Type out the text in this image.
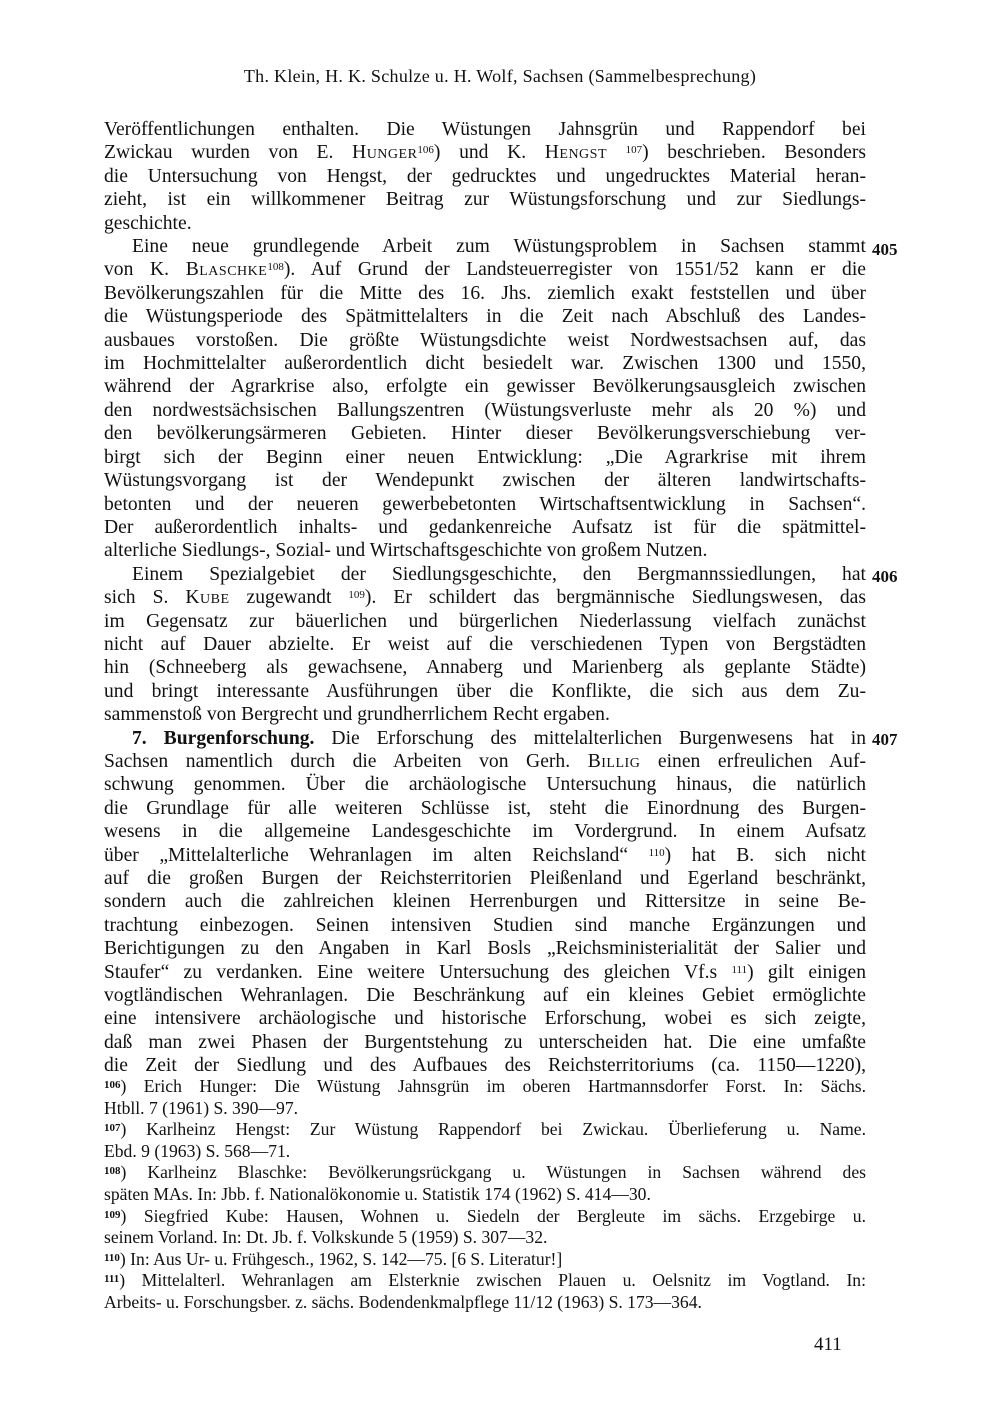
Th. Klein, H. K. Schulze u. H. Wolf, Sachsen (Sammelbesprechung)
Veröffentlichungen enthalten. Die Wüstungen Jahnsgrün und Rappendorf bei
Zwickau wurden von E. Hunger$^{106}$) und K. Hengst $^{107}$) beschrieben. Besonders
die Untersuchung von Hengst, der gedrucktes und ungedrucktes Material heran-
zieht, ist ein willkommener Beitrag zur Wüstungsforschung und zur Siedlungs-
geschichte.
Eine neue grundlegende Arbeit zum Wüstungsproblem in Sachsen stammt
von K. Blaschke$^{108}$). Auf Grund der Landsteuerregister von 1551/52 kann er die
Bevölkerungszahlen für die Mitte des 16. Jhs. ziemlich exakt feststellen und über
die Wüstungsperiode des Spätmittelalters in die Zeit nach Abschluß des Landes-
ausbaues vorstoßen. Die größte Wüstungsdichte weist Nordwestsachsen auf, das
im Hochmittelalter außerordentlich dicht besiedelt war. Zwischen 1300 und 1550,
während der Agrarkrise also, erfolgte ein gewisser Bevölkerungsausgleich zwischen
den nordwestsächsischen Ballungszentren (Wüstungsverluste mehr als 20 %) und
den bevölkerungsärmeren Gebieten. Hinter dieser Bevölkerungsverschiebung ver-
birgt sich der Beginn einer neuen Entwicklung: „Die Agrarkrise mit ihrem
Wüstungsvorgang ist der Wendepunkt zwischen der älteren landwirtschafts-
betonten und der neueren gewerbebetonten Wirtschaftsentwicklung in Sachsen“.
Der außerordentlich inhalts- und gedankenreiche Aufsatz ist für die spätmittel-
alterliche Siedlungs-, Sozial- und Wirtschaftsgeschichte von großem Nutzen.
Einem Spezialgebiet der Siedlungsgeschichte, den Bergmannssiedlungen, hat
sich S. Kube zugewandt $^{109}$). Er schildert das bergmännische Siedlungswesen, das
im Gegensatz zur bäuerlichen und bürgerlichen Niederlassung vielfach zunächst
nicht auf Dauer abzielte. Er weist auf die verschiedenen Typen von Bergstädten
hin (Schneeberg als gewachsene, Annaberg und Marienberg als geplante Städte)
und bringt interessante Ausführungen über die Konflikte, die sich aus dem Zu-
sammenstoß von Bergrecht und grundherrlichem Recht ergaben.
7. Burgenforschung. Die Erforschung des mittelalterlichen Burgenwesens hat in
Sachsen namentlich durch die Arbeiten von Gerh. Billig einen erfreulichen Auf-
schwung genommen. Über die archäologische Untersuchung hinaus, die natürlich
die Grundlage für alle weiteren Schlüsse ist, steht die Einordnung des Burgen-
wesens in die allgemeine Landesgeschichte im Vordergrund. In einem Aufsatz
über „Mittelalterliche Wehranlagen im alten Reichsland“ $^{110}$) hat B. sich nicht
auf die großen Burgen der Reichsterritorien Pleißenland und Egerland beschränkt,
sondern auch die zahlreichen kleinen Herrenburgen und Rittersitze in seine Be-
trachtung einbezogen. Seinen intensiven Studien sind manche Ergänzungen und
Berichtigungen zu den Angaben in Karl Bosls „Reichsministerialität der Salier und
Staufer“ zu verdanken. Eine weitere Untersuchung des gleichen Vf.s $^{111}$) gilt einigen
vogtländischen Wehranlagen. Die Beschränkung auf ein kleines Gebiet ermöglichte
eine intensivere archäologische und historische Erforschung, wobei es sich zeigte,
daß man zwei Phasen der Burgentstehung zu unterscheiden hat. Die eine umfaßte
die Zeit der Siedlung und des Aufbaues des Reichsterritoriums (ca. 1150—1220),
405
406
407
$^{106}$) Erich Hunger: Die Wüstung Jahnsgrün im oberen Hartmannsdorfer Forst. In: Sächs.
Htbll. 7 (1961) S. 390—97.
$^{107}$) Karlheinz Hengst: Zur Wüstung Rappendorf bei Zwickau. Überlieferung u. Name.
Ebd. 9 (1963) S. 568—71.
$^{108}$) Karlheinz Blaschke: Bevölkerungsrückgang u. Wüstungen in Sachsen während des
späten MAs. In: Jbb. f. Nationalökonomie u. Statistik 174 (1962) S. 414—30.
$^{109}$) Siegfried Kube: Hausen, Wohnen u. Siedeln der Bergleute im sächs. Erzgebirge u.
seinem Vorland. In: Dt. Jb. f. Volkskunde 5 (1959) S. 307—32.
$^{110}$) In: Aus Ur- u. Frühgesch., 1962, S. 142—75. [6 S. Literatur!]
$^{111}$) Mittelalterl. Wehranlagen am Elsterknie zwischen Plauen u. Oelsnitz im Vogtland. In:
Arbeits- u. Forschungsber. z. sächs. Bodendenkmalpflege 11/12 (1963) S. 173—364.
411
